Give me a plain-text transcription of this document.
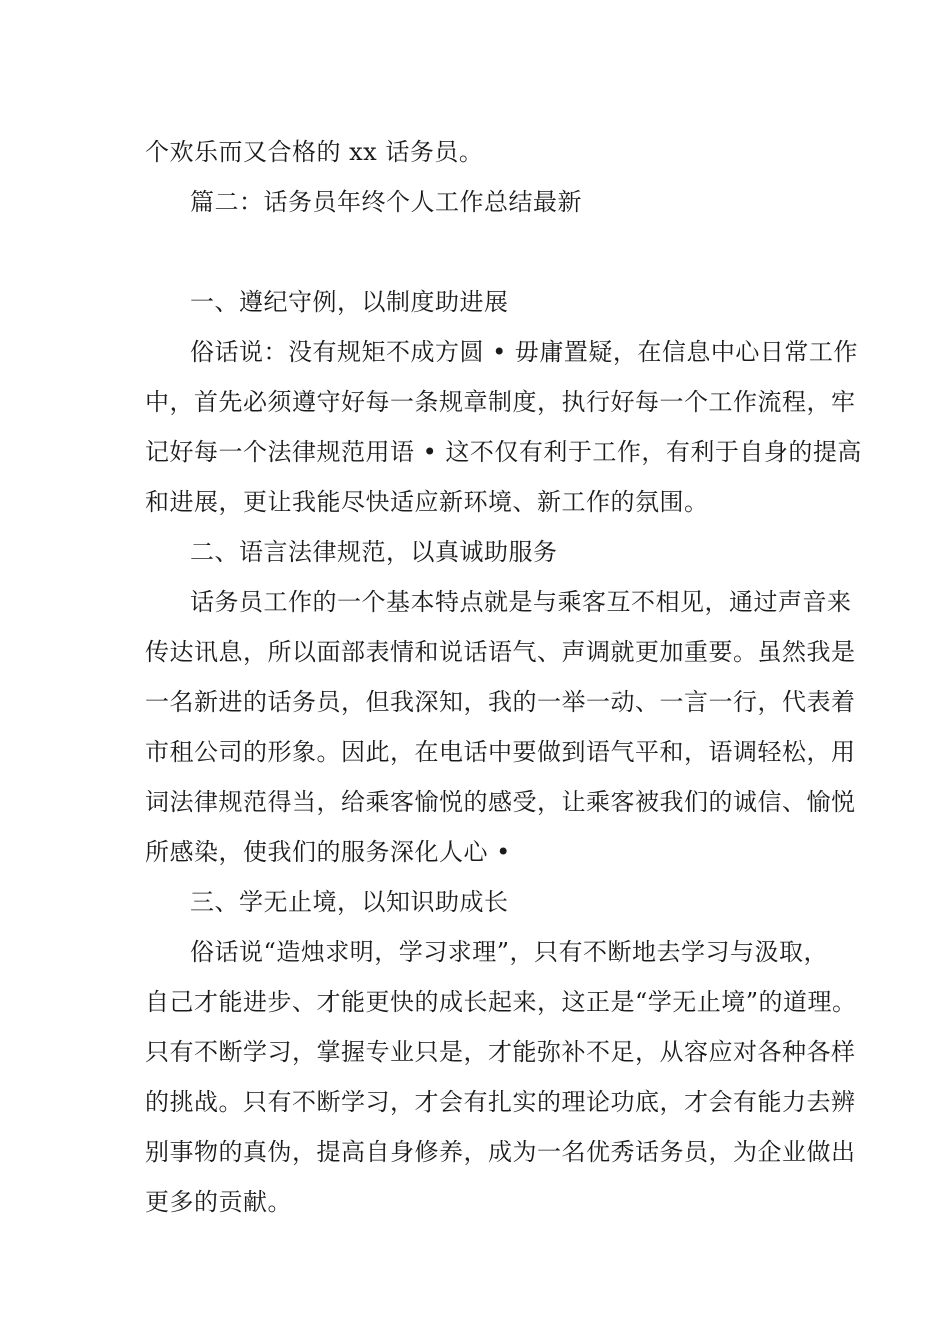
个欢乐而又合格的 xx 话务员。
篇二：话务员年终个人工作总结最新
一、遵纪守例，以制度助进展
俗话说：没有规矩不成方圆 • 毋庸置疑，在信息中心日常工作
中，首先必须遵守好每一条规章制度，执行好每一个工作流程，牢
记好每一个法律规范用语 • 这不仅有利于工作，有利于自身的提高
和进展，更让我能尽快适应新环境、新工作的氛围。
二、语言法律规范，以真诚助服务
话务员工作的一个基本特点就是与乘客互不相见，通过声音来
传达讯息，所以面部表情和说话语气、声调就更加重要。虽然我是
一名新进的话务员，但我深知，我的一举一动、一言一行，代表着
市租公司的形象。因此，在电话中要做到语气平和，语调轻松，用
词法律规范得当，给乘客愉悦的感受，让乘客被我们的诚信、愉悦
所感染，使我们的服务深化人心 •
三、学无止境，以知识助成长
俗话说“造烛求明，学习求理”，只有不断地去学习与汲取，
自己才能进步、才能更快的成长起来，这正是“学无止境”的道理。
只有不断学习，掌握专业只是，才能弥补不足，从容应对各种各样
的挑战。只有不断学习，才会有扎实的理论功底，才会有能力去辨
别事物的真伪，提高自身修养，成为一名优秀话务员，为企业做出
更多的贡献。
